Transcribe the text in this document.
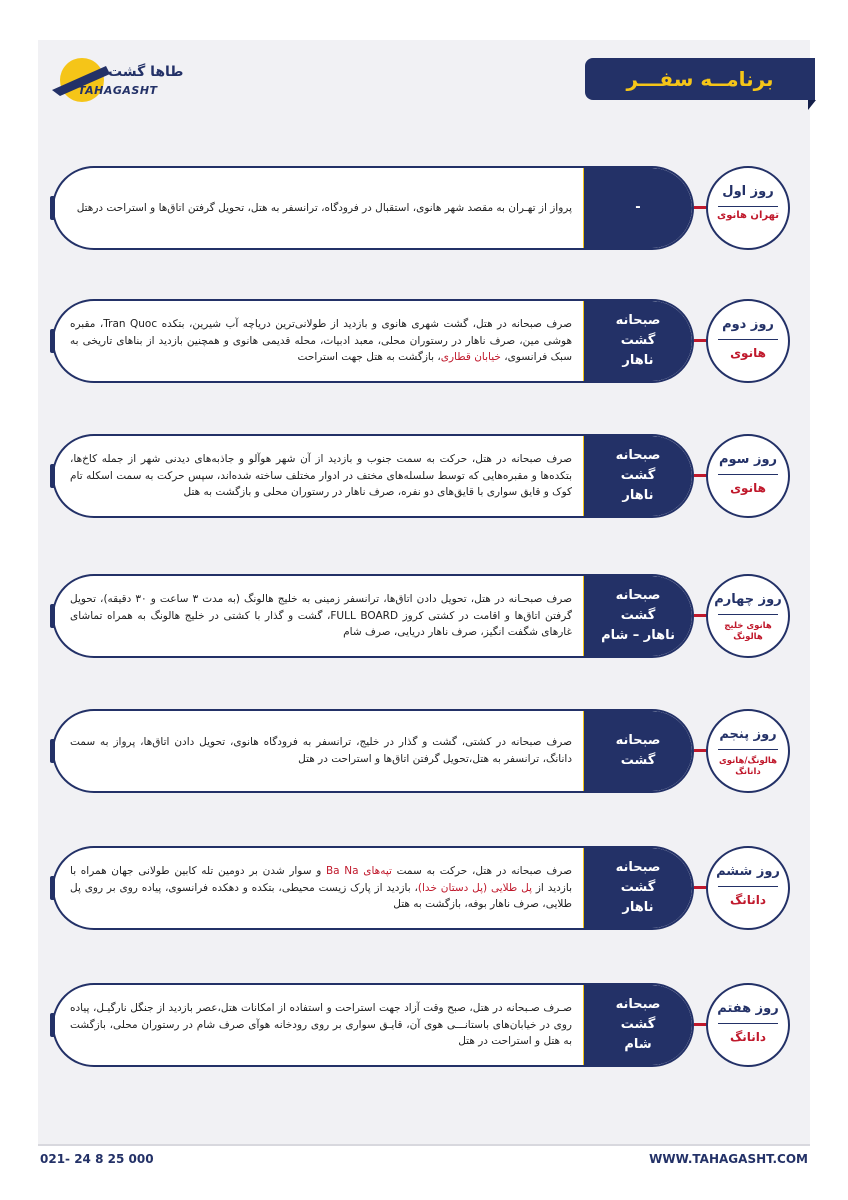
طاها گشت
TAHAGASHT	برنامــه سفـــر

پرواز از تهـران به مقصد شهر هانوی، استقبال در فرودگاه، ترانسفر به هتل، تحویل گرفتن اتاق‌ها و استراحت درهتل	-
روز اول
تهران هانوی

صرف صبحانه در هتل، گشت شهری هانوی و بازدید از طولانی‌ترین دریاچه آب شیرین، بتکده Tran Quoc، مقبره هوشی مین، صرف ناهار در رستوران محلی، معبد ادبیات، محله قدیمی هانوی و همچنین بازدید از بناهای تاریخی به سبک فرانسوی، خیابان قطاری، بازگشت به هتل جهت استراحت

صبحانه
گشت
ناهار
روز دوم
هانوی

صرف صبحانه در هتل، حرکت به سمت جنوب و بازدید از آن شهر هوآلو و جاذبه‌های دیدنی شهر از جمله کاخ‌ها، بتکده‌ها و مقبره‌هایی که توسط سلسله‌های مختف در ادوار مختلف ساخته شده‌اند، سپس حرکت به سمت اسکله تام کوک و قایق سواری با قایق‌های دو نفره، صرف ناهار در رستوران محلی و بازگشت به هتل

صبحانه
گشت
ناهار
روز سوم
هانوی

صرف صبحـانه در هتل، تحویل دادن اتاق‌ها، ترانسفر زمینی به خلیج هالونگ (به مدت ۳ ساعت و ۳۰ دقیقه)، تحویل گرفتن اتاق‌ها و اقامت در کشتی کروز FULL BOARD، گشت و گذار با کشتی در خلیج هالونگ به همراه تماشای غارهای شگفت انگیز، صرف ناهار دریایی، صرف شام

صبحانه
گشت
ناهار – شام
روز چهارم
هانوی خلیج هالونگ

صرف صبحانه در کشتی، گشت و گذار در خلیج، ترانسفر به فرودگاه هانوی، تحویل دادن اتاق‌ها، پرواز به سمت دانانگ، ترانسفر به هتل،تحویل گرفتن اتاق‌ها و استراحت در هتل

صبحانه
گشت
روز پنجم
هالونگ/هانوی دانانگ

صرف صبحانه در هتل، حرکت به سمت تپه‌های Ba Na و سوار شدن بر دومین تله کابین طولانی جهان همراه با بازدید از پل طلایی (پل دستان خدا)، بازدید از پارک زیست محیطی، بتکده و دهکده فرانسوی، پیاده روی بر روی پل طلایی، صرف ناهار بوفه، بازگشت به هتل

صبحانه
گشت
ناهار
روز ششم
دانانگ

صـرف صـبحانه در هتل، صبح وقت آزاد جهت استراحت و استفاده از امکانات هتل،عصر بازدید از جنگل نارگیـل، پیاده روی در خیابان‌های باستانـــی هوی آن، قایـق سواری بر روی رودخانه هوآی صرف شام در رستوران محلی، بازگشت به هتل و استراحت در هتل

صبحانه
گشت
شام
روز هفتم
دانانگ
021- 24 8 25 000	WWW.TAHAGASHT.COM
